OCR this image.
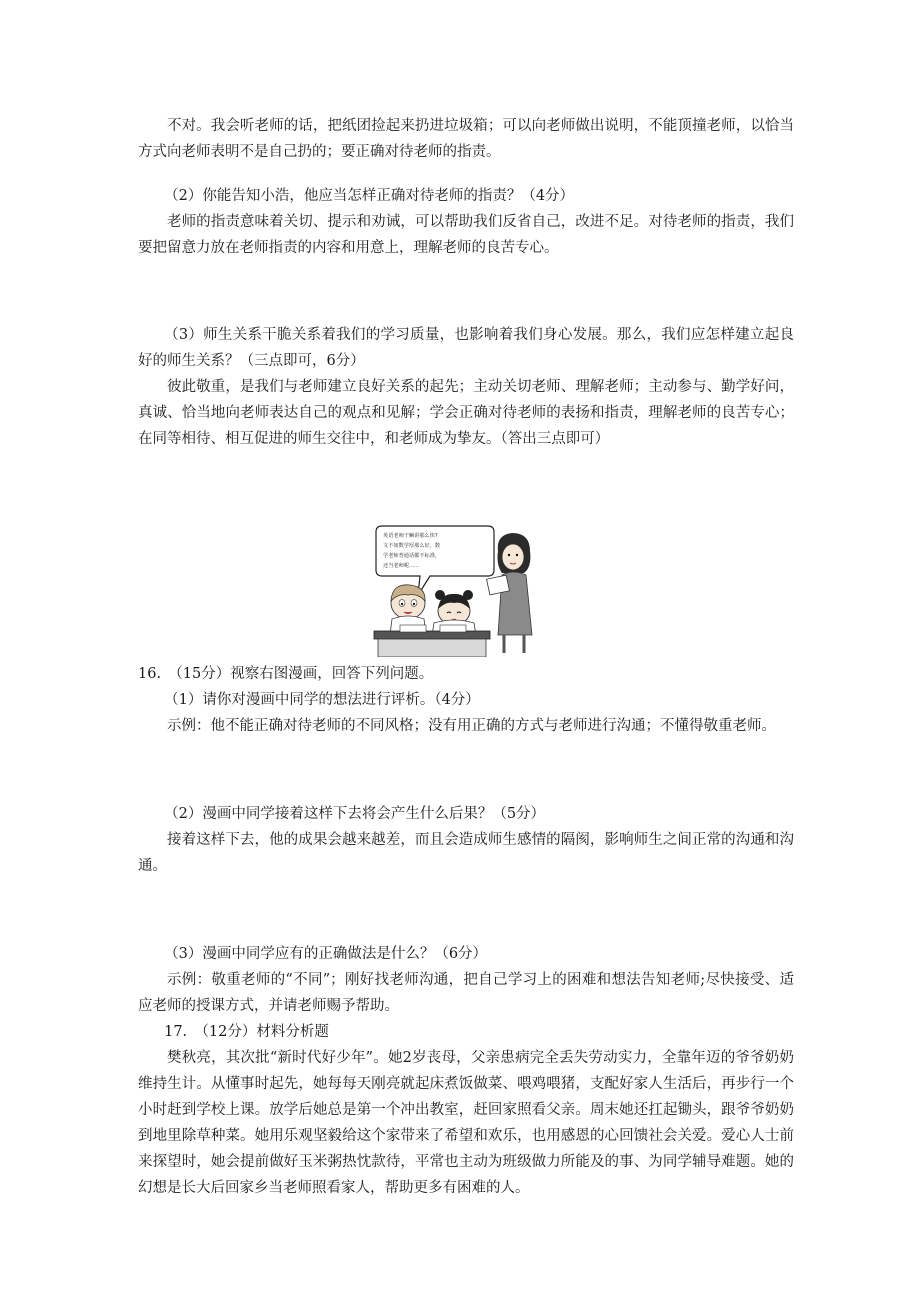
不对。我会听老师的话，把纸团捡起来扔进垃圾箱；可以向老师做出说明，不能顶撞老师，以恰当方式向老师表明不是自己扔的；要正确对待老师的指责。

（2）你能告知小浩，他应当怎样正确对待老师的指责？（4分）

老师的指责意味着关切、提示和劝诫，可以帮助我们反省自己，改进不足。对待老师的指责，我们要把留意力放在老师指责的内容和用意上，理解老师的良苦专心。

（3）师生关系干脆关系着我们的学习质量，也影响着我们身心发展。那么，我们应怎样建立起良好的师生关系？（三点即可，6分）

彼此敬重，是我们与老师建立良好关系的起先；主动关切老师、理解老师；主动参与、勤学好问，真诚、恰当地向老师表达自己的观点和见解；学会正确对待老师的表扬和指责，理解老师的良苦专心；在同等相待、相互促进的师生交往中，和老师成为挚友。（答出三点即可）

英语老师干嘛讲那么快?
文不如数学厚那么好，数
学老师普通话都不标准，
还当老师呢……

16.　（15分）视察右图漫画，回答下列问题。

（1）请你对漫画中同学的想法进行评析。（4分）

示例：他不能正确对待老师的不同风格；没有用正确的方式与老师进行沟通；不懂得敬重老师。

（2）漫画中同学接着这样下去将会产生什么后果？（5分）

接着这样下去，他的成果会越来越差，而且会造成师生感情的隔阂，影响师生之间正常的沟通和沟通。

（3）漫画中同学应有的正确做法是什么？（6分）

示例：敬重老师的“不同”；刚好找老师沟通，把自己学习上的困难和想法告知老师;尽快接受、适应老师的授课方式，并请老师赐予帮助。

17.　（12分）材料分析题

樊秋亮，其次批“新时代好少年”。她2岁丧母，父亲患病完全丢失劳动实力，全靠年迈的爷爷奶奶维持生计。从懂事时起先，她每每天刚亮就起床煮饭做菜、喂鸡喂猪，支配好家人生活后，再步行一个小时赶到学校上课。放学后她总是第一个冲出教室，赶回家照看父亲。周末她还扛起锄头，跟爷爷奶奶到地里除草种菜。她用乐观坚毅给这个家带来了希望和欢乐，也用感恩的心回馈社会关爱。爱心人士前来探望时，她会提前做好玉米粥热忱款待，平常也主动为班级做力所能及的事、为同学辅导难题。她的幻想是长大后回家乡当老师照看家人，帮助更多有困难的人。
